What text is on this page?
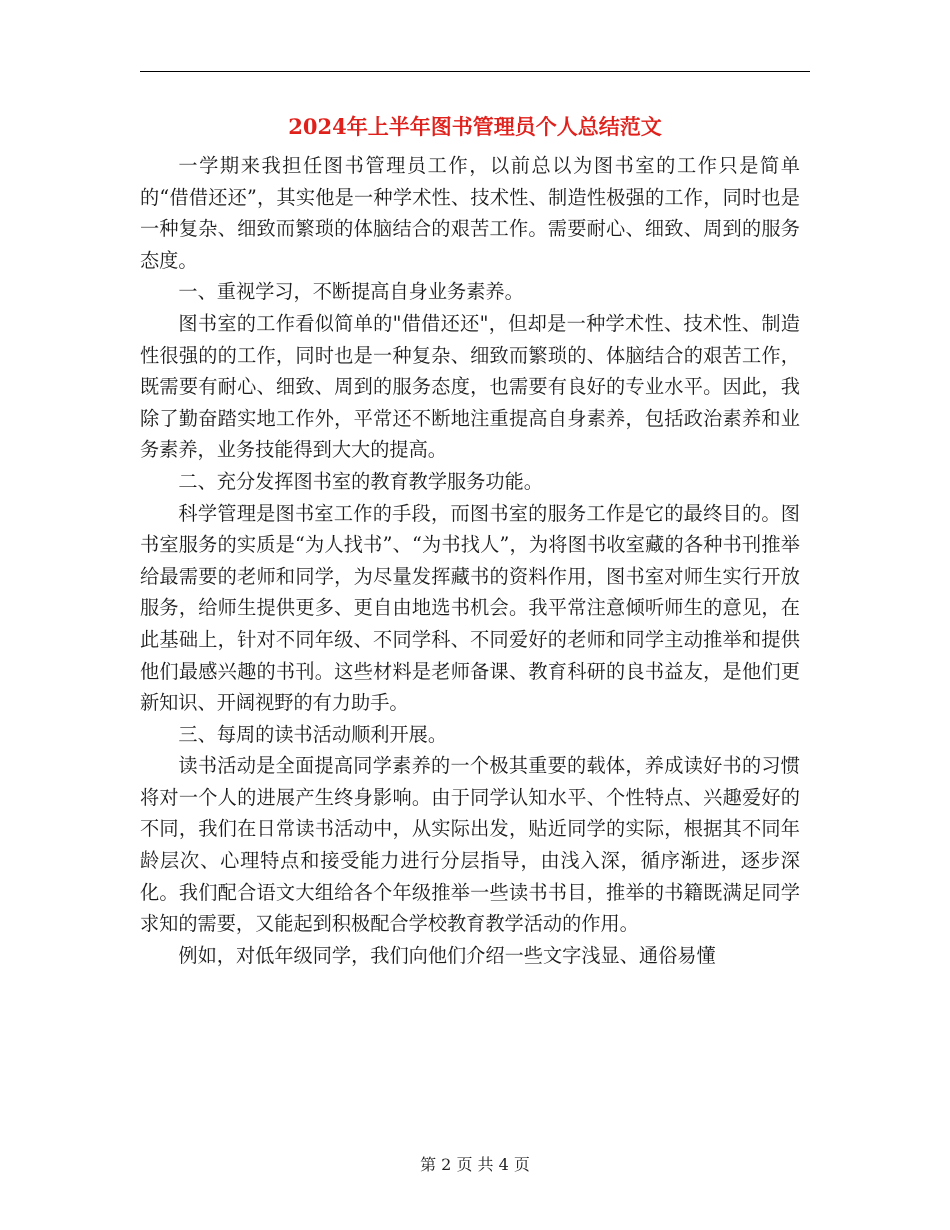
2024年上半年图书管理员个人总结范文

一学期来我担任图书管理员工作，以前总以为图书室的工作只是简单的“借借还还”，其实他是一种学术性、技术性、制造性极强的工作，同时也是一种复杂、细致而繁琐的体脑结合的艰苦工作。需要耐心、细致、周到的服务态度。

一、重视学习，不断提高自身业务素养。

图书室的工作看似简单的"借借还还"，但却是一种学术性、技术性、制造性很强的的工作，同时也是一种复杂、细致而繁琐的、体脑结合的艰苦工作，既需要有耐心、细致、周到的服务态度，也需要有良好的专业水平。因此，我除了勤奋踏实地工作外，平常还不断地注重提高自身素养，包括政治素养和业务素养，业务技能得到大大的提高。

二、充分发挥图书室的教育教学服务功能。

科学管理是图书室工作的手段，而图书室的服务工作是它的最终目的。图书室服务的实质是“为人找书”、“为书找人”，为将图书收室藏的各种书刊推举给最需要的老师和同学，为尽量发挥藏书的资料作用，图书室对师生实行开放服务，给师生提供更多、更自由地选书机会。我平常注意倾听师生的意见，在此基础上，针对不同年级、不同学科、不同爱好的老师和同学主动推举和提供他们最感兴趣的书刊。这些材料是老师备课、教育科研的良书益友，是他们更新知识、开阔视野的有力助手。

三、每周的读书活动顺利开展。

读书活动是全面提高同学素养的一个极其重要的载体，养成读好书的习惯将对一个人的进展产生终身影响。由于同学认知水平、个性特点、兴趣爱好的不同，我们在日常读书活动中，从实际出发，贴近同学的实际，根据其不同年龄层次、心理特点和接受能力进行分层指导，由浅入深，循序渐进，逐步深化。我们配合语文大组给各个年级推举一些读书书目，推举的书籍既满足同学求知的需要，又能起到积极配合学校教育教学活动的作用。

例如，对低年级同学，我们向他们介绍一些文字浅显、通俗易懂

第 2 页 共 4 页
